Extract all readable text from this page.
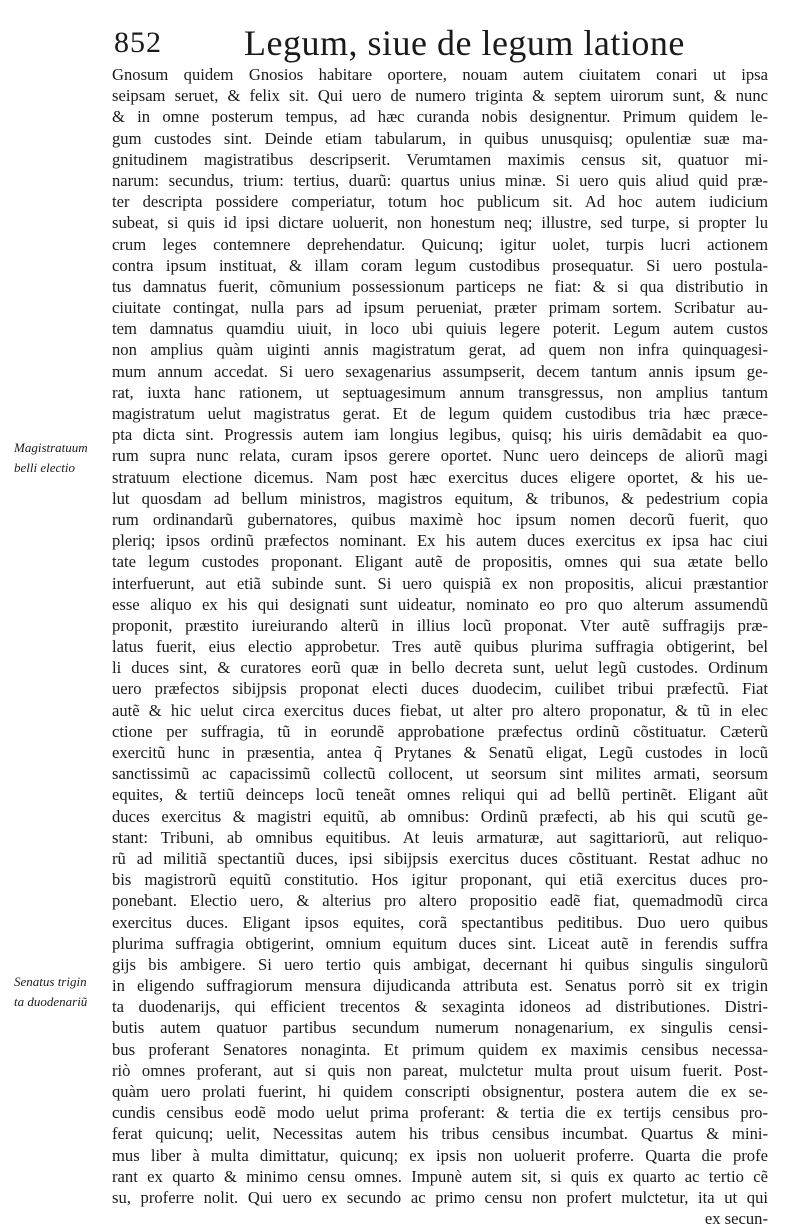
852 Legum, siue de legum latione
Magistratuum
belli electio
Senatus trigin
ta duodenariũ
Gnosum quidem Gnosios habitare oportere, nouam autem ciuitatem conari ut ipsa
seipsam seruet, & felix sit. Qui uero de numero triginta & septem uirorum sunt, & nunc
& in omne posterum tempus, ad hæc curanda nobis designentur. Primum quidem le-
gum custodes sint. Deinde etiam tabularum, in quibus unusquisq; opulentiæ suæ ma-
gnitudinem magistratibus descripserit. Verumtamen maximis census sit, quatuor mi-
narum: secundus, trium: tertius, duarũ: quartus unius minæ. Si uero quis aliud quid præ-
ter descripta possidere comperiatur, totum hoc publicum sit. Ad hoc autem iudicium
subeat, si quis id ipsi dictare uoluerit, non honestum neq; illustre, sed turpe, si propter lu
crum leges contemnere deprehendatur. Quicunq; igitur uolet, turpis lucri actionem
contra ipsum instituat, & illam coram legum custodibus prosequatur. Si uero postula-
tus damnatus fuerit, cõmunium possessionum particeps ne fiat: & si qua distributio in
ciuitate contingat, nulla pars ad ipsum perueniat, præter primam sortem. Scribatur au-
tem damnatus quamdiu uiuit, in loco ubi quiuis legere poterit. Legum autem custos
non amplius quàm uiginti annis magistratum gerat, ad quem non infra quinquagesi-
mum annum accedat. Si uero sexagenarius assumpserit, decem tantum annis ipsum ge-
rat, iuxta hanc rationem, ut septuagesimum annum transgressus, non amplius tantum
magistratum uelut magistratus gerat. Et de legum quidem custodibus tria hæc præce-
pta dicta sint. Progressis autem iam longius legibus, quisq; his uiris demãdabit ea quo-
rum supra nunc relata, curam ipsos gerere oportet. Nunc uero deinceps de aliorũ magi
stratuum electione dicemus. Nam post hæc exercitus duces eligere oportet, & his ue-
lut quosdam ad bellum ministros, magistros equitum, & tribunos, & pedestrium copia
rum ordinandarũ gubernatores, quibus maximè hoc ipsum nomen decorũ fuerit, quo
pleriq; ipsos ordinũ præfectos nominant. Ex his autem duces exercitus ex ipsa hac ciui
tate legum custodes proponant. Eligant autẽ de propositis, omnes qui sua ætate bello
interfuerunt, aut etiã subinde sunt. Si uero quispiã ex non propositis, alicui præstantior
esse aliquo ex his qui designati sunt uideatur, nominato eo pro quo alterum assumendũ
proponit, præstito iureiurando alterũ in illius locũ proponat. Vter autẽ suffragijs præ-
latus fuerit, eius electio approbetur. Tres autẽ quibus plurima suffragia obtigerint, bel
li duces sint, & curatores eorũ quæ in bello decreta sunt, uelut legũ custodes. Ordinum
uero præfectos sibijpsis proponat electi duces duodecim, cuilibet tribui præfectũ. Fiat
autẽ & hic uelut circa exercitus duces fiebat, ut alter pro altero proponatur, & tũ in elec
ctione per suffragia, tũ in eorundẽ approbatione præfectus ordinũ cõstituatur. Cæterũ
exercitũ hunc in præsentia, antea q̃ Prytanes & Senatũ eligat, Legũ custodes in locũ
sanctissimũ ac capacissimũ collectũ collocent, ut seorsum sint milites armati, seorsum
equites, & tertiũ deinceps locũ teneãt omnes reliqui qui ad bellũ pertinẽt. Eligant aũt
duces exercitus & magistri equitũ, ab omnibus: Ordinũ præfecti, ab his qui scutũ ge-
stant: Tribuni, ab omnibus equitibus. At leuis armaturæ, aut sagittariorũ, aut reliquo-
rũ ad militiã spectantiũ duces, ipsi sibijpsis exercitus duces cõstituant. Restat adhuc no
bis magistrorũ equitũ constitutio. Hos igitur proponant, qui etiã exercitus duces pro-
ponebant. Electio uero, & alterius pro altero propositio eadẽ fiat, quemadmodũ circa
exercitus duces. Eligant ipsos equites, corã spectantibus peditibus. Duo uero quibus
plurima suffragia obtigerint, omnium equitum duces sint. Liceat autẽ in ferendis suffra
gijs bis ambigere. Si uero tertio quis ambigat, decernant hi quibus singulis singulorũ
in eligendo suffragiorum mensura dijudicanda attributa est. Senatus porrò sit ex trigin
ta duodenarijs, qui efficient trecentos & sexaginta idoneos ad distributiones. Distri-
butis autem quatuor partibus secundum numerum nonagenarium, ex singulis censi-
bus proferant Senatores nonaginta. Et primum quidem ex maximis censibus necessa-
riò omnes proferant, aut si quis non pareat, mulctetur multa prout uisum fuerit. Post-
quàm uero prolati fuerint, hi quidem conscripti obsignentur, postera autem die ex se-
cundis censibus eodẽ modo uelut prima proferant: & tertia die ex tertijs censibus pro-
ferat quicunq; uelit, Necessitas autem his tribus censibus incumbat. Quartus & mini-
mus liber à multa dimittatur, quicunq; ex ipsis non uoluerit proferre. Quarta die profe
rant ex quarto & minimo censu omnes. Impunè autem sit, si quis ex quarto ac tertio cẽ
su, proferre nolit. Qui uero ex secundo ac primo censu non profert mulctetur, ita ut qui
ex secun-
